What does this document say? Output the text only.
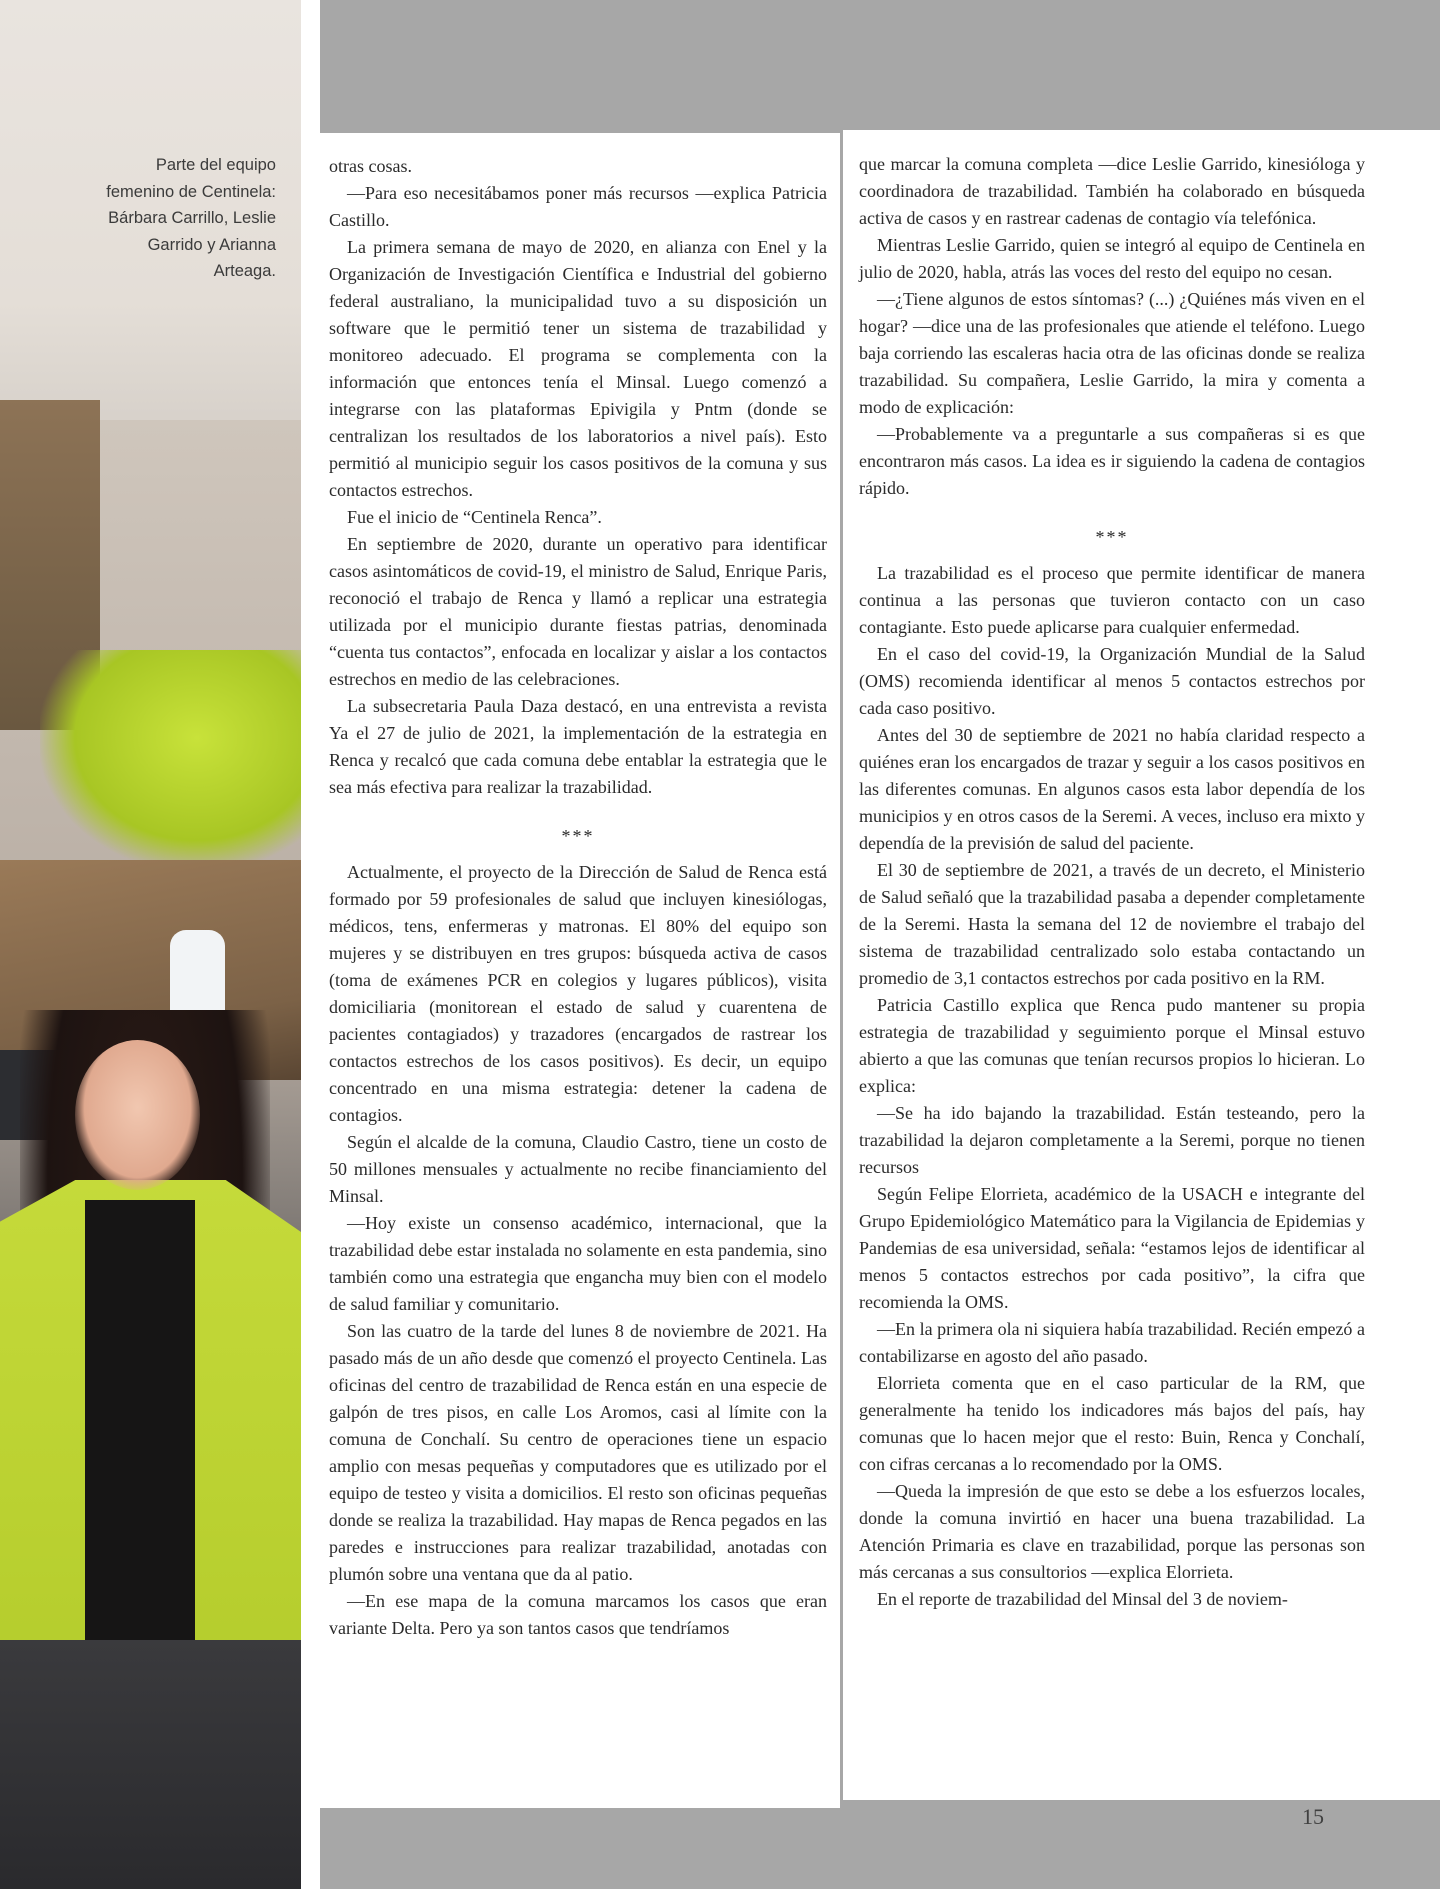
Parte del equipo femenino de Centinela: Bárbara Carrillo, Leslie Garrido y Arianna Arteaga.

otras cosas.

—Para eso necesitábamos poner más recursos —explica Patricia Castillo.

La primera semana de mayo de 2020, en alianza con Enel y la Organización de Investigación Científica e Industrial del gobierno federal australiano, la municipalidad tuvo a su disposición un software que le permitió tener un sistema de trazabilidad y monitoreo adecuado. El programa se complementa con la información que entonces tenía el Minsal. Luego comenzó a integrarse con las plataformas Epivigila y Pntm (donde se centralizan los resultados de los laboratorios a nivel país). Esto permitió al municipio seguir los casos positivos de la comuna y sus contactos estrechos.

Fue el inicio de “Centinela Renca”.

En septiembre de 2020, durante un operativo para identificar casos asintomáticos de covid-19, el ministro de Salud, Enrique Paris, reconoció el trabajo de Renca y llamó a replicar una estrategia utilizada por el municipio durante fiestas patrias, denominada “cuenta tus contactos”, enfocada en localizar y aislar a los contactos estrechos en medio de las celebraciones.

La subsecretaria Paula Daza destacó, en una entrevista a revista Ya el 27 de julio de 2021, la implementación de la estrategia en Renca y recalcó que cada comuna debe entablar la estrategia que le sea más efectiva para realizar la trazabilidad.

***

Actualmente, el proyecto de la Dirección de Salud de Renca está formado por 59 profesionales de salud que incluyen kinesiólogas, médicos, tens, enfermeras y matronas. El 80% del equipo son mujeres y se distribuyen en tres grupos: búsqueda activa de casos (toma de exámenes PCR en colegios y lugares públicos), visita domiciliaria (monitorean el estado de salud y cuarentena de pacientes contagiados) y trazadores (encargados de rastrear los contactos estrechos de los casos positivos). Es decir, un equipo concentrado en una misma estrategia: detener la cadena de contagios.

Según el alcalde de la comuna, Claudio Castro, tiene un costo de 50 millones mensuales y actualmente no recibe financiamiento del Minsal.

—Hoy existe un consenso académico, internacional, que la trazabilidad debe estar instalada no solamente en esta pandemia, sino también como una estrategia que engancha muy bien con el modelo de salud familiar y comunitario.

Son las cuatro de la tarde del lunes 8 de noviembre de 2021. Ha pasado más de un año desde que comenzó el proyecto Centinela. Las oficinas del centro de trazabilidad de Renca están en una especie de galpón de tres pisos, en calle Los Aromos, casi al límite con la comuna de Conchalí. Su centro de operaciones tiene un espacio amplio con mesas pequeñas y computadores que es utilizado por el equipo de testeo y visita a domicilios. El resto son oficinas pequeñas donde se realiza la trazabilidad. Hay mapas de Renca pegados en las paredes e instrucciones para realizar trazabilidad, anotadas con plumón sobre una ventana que da al patio.

—En ese mapa de la comuna marcamos los casos que eran variante Delta. Pero ya son tantos casos que tendríamos

que marcar la comuna completa —dice Leslie Garrido, kinesióloga y coordinadora de trazabilidad. También ha colaborado en búsqueda activa de casos y en rastrear cadenas de contagio vía telefónica.

Mientras Leslie Garrido, quien se integró al equipo de Centinela en julio de 2020, habla, atrás las voces del resto del equipo no cesan.

—¿Tiene algunos de estos síntomas? (...) ¿Quiénes más viven en el hogar? —dice una de las profesionales que atiende el teléfono. Luego baja corriendo las escaleras hacia otra de las oficinas donde se realiza trazabilidad. Su compañera, Leslie Garrido, la mira y comenta a modo de explicación:

—Probablemente va a preguntarle a sus compañeras si es que encontraron más casos. La idea es ir siguiendo la cadena de contagios rápido.

***

La trazabilidad es el proceso que permite identificar de manera continua a las personas que tuvieron contacto con un caso contagiante. Esto puede aplicarse para cualquier enfermedad.

En el caso del covid-19, la Organización Mundial de la Salud (OMS) recomienda identificar al menos 5 contactos estrechos por cada caso positivo.

Antes del 30 de septiembre de 2021 no había claridad respecto a quiénes eran los encargados de trazar y seguir a los casos positivos en las diferentes comunas. En algunos casos esta labor dependía de los municipios y en otros casos de la Seremi. A veces, incluso era mixto y dependía de la previsión de salud del paciente.

El 30 de septiembre de 2021, a través de un decreto, el Ministerio de Salud señaló que la trazabilidad pasaba a depender completamente de la Seremi. Hasta la semana del 12 de noviembre el trabajo del sistema de trazabilidad centralizado solo estaba contactando un promedio de 3,1 contactos estrechos por cada positivo en la RM.

Patricia Castillo explica que Renca pudo mantener su propia estrategia de trazabilidad y seguimiento porque el Minsal estuvo abierto a que las comunas que tenían recursos propios lo hicieran. Lo explica:

—Se ha ido bajando la trazabilidad. Están testeando, pero la trazabilidad la dejaron completamente a la Seremi, porque no tienen recursos

Según Felipe Elorrieta, académico de la USACH e integrante del Grupo Epidemiológico Matemático para la Vigilancia de Epidemias y Pandemias de esa universidad, señala: “estamos lejos de identificar al menos 5 contactos estrechos por cada positivo”, la cifra que recomienda la OMS.

—En la primera ola ni siquiera había trazabilidad. Recién empezó a contabilizarse en agosto del año pasado.

Elorrieta comenta que en el caso particular de la RM, que generalmente ha tenido los indicadores más bajos del país, hay comunas que lo hacen mejor que el resto: Buin, Renca y Conchalí, con cifras cercanas a lo recomendado por la OMS.

—Queda la impresión de que esto se debe a los esfuerzos locales, donde la comuna invirtió en hacer una buena trazabilidad. La Atención Primaria es clave en trazabilidad, porque las personas son más cercanas a sus consultorios —explica Elorrieta.

En el reporte de trazabilidad del Minsal del 3 de noviem-

15
